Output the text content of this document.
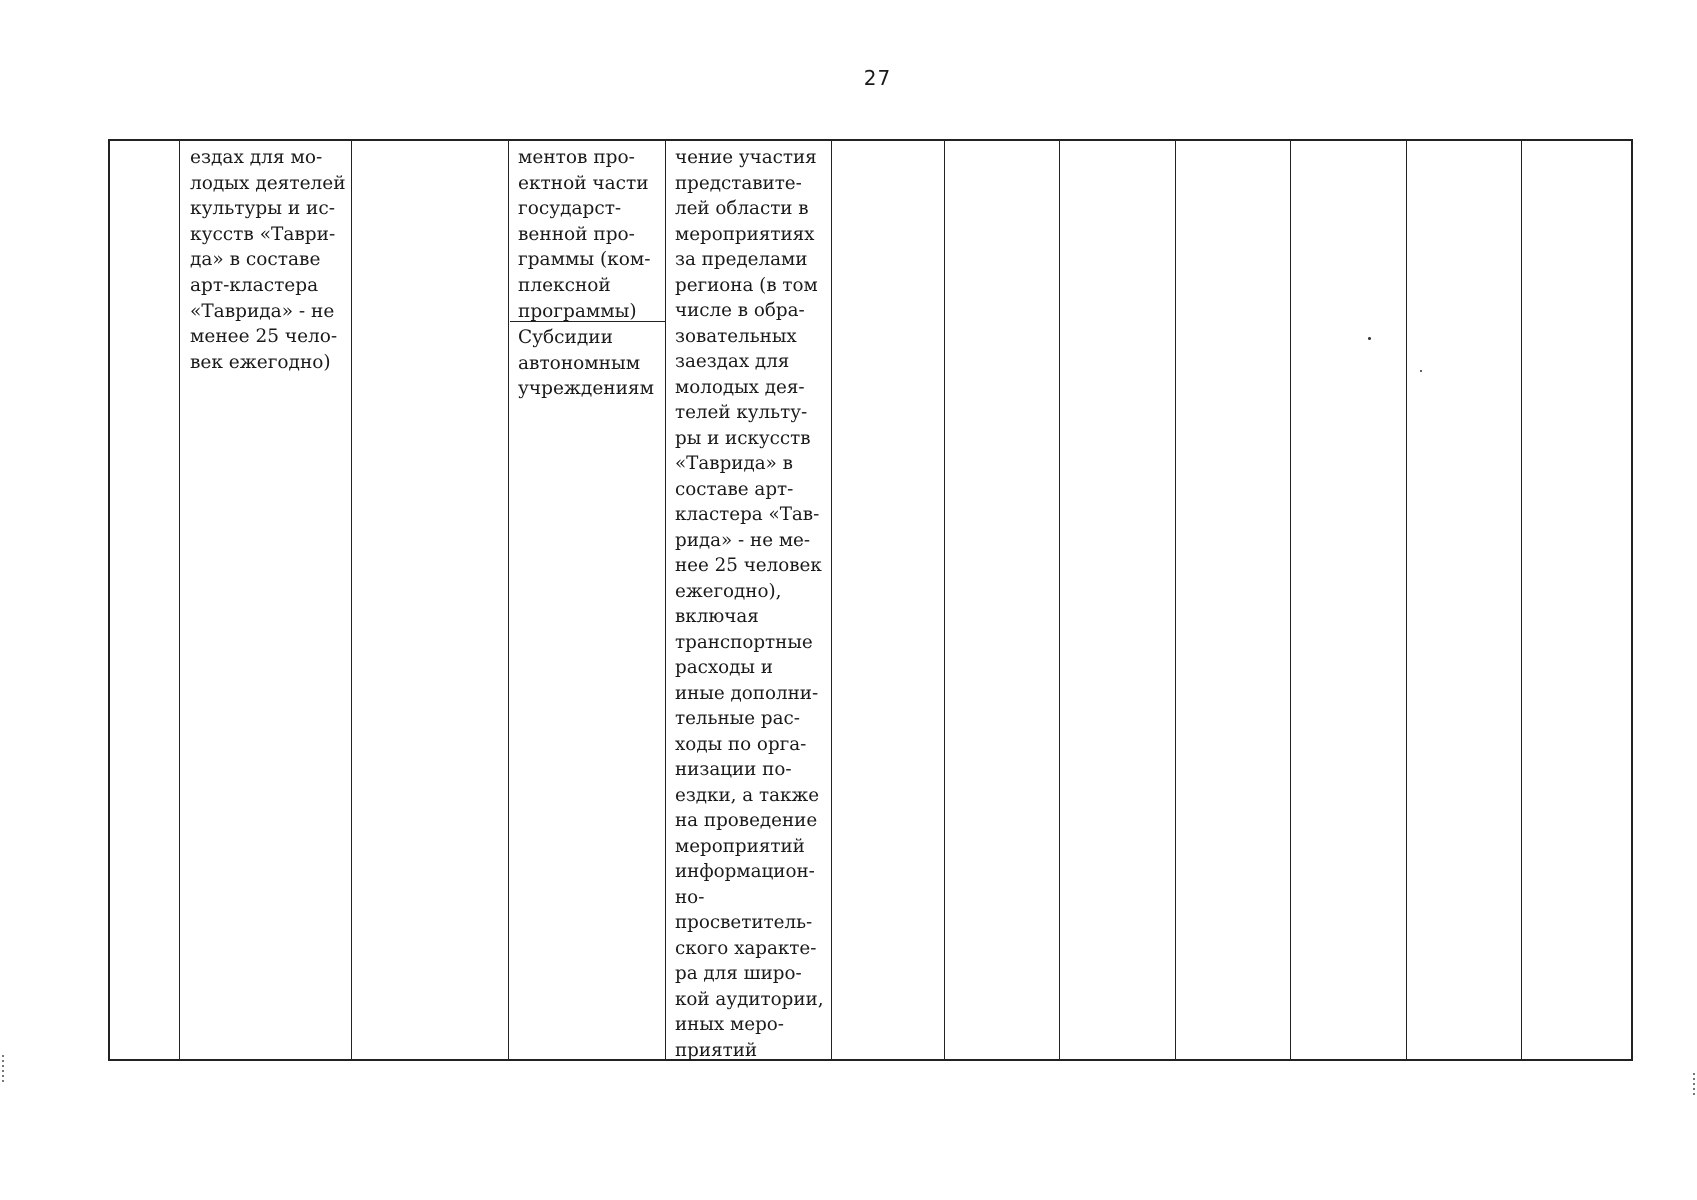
27
ездах для мо-
лодых деятелей
культуры и ис-
кусств «Таври-
да» в составе
арт-кластера
«Таврида» - не
менее 25 чело-
век ежегодно)
ментов про-
ектной части
государст-
венной про-
граммы (ком-
плексной
программы)
Субсидии
автономным
учреждениям
чение участия
представите-
лей области в
мероприятиях
за пределами
региона (в том
числе в обра-
зовательных
заездах для
молодых дея-
телей культу-
ры и искусств
«Таврида» в
составе арт-
кластера «Тав-
рида» - не ме-
нее 25 человек
ежегодно),
включая
транспортные
расходы и
иные дополни-
тельные рас-
ходы по орга-
низации по-
ездки, а также
на проведение
мероприятий
информацион-
но-
просветитель-
ского характе-
ра для широ-
кой аудитории,
иных меро-
приятий
